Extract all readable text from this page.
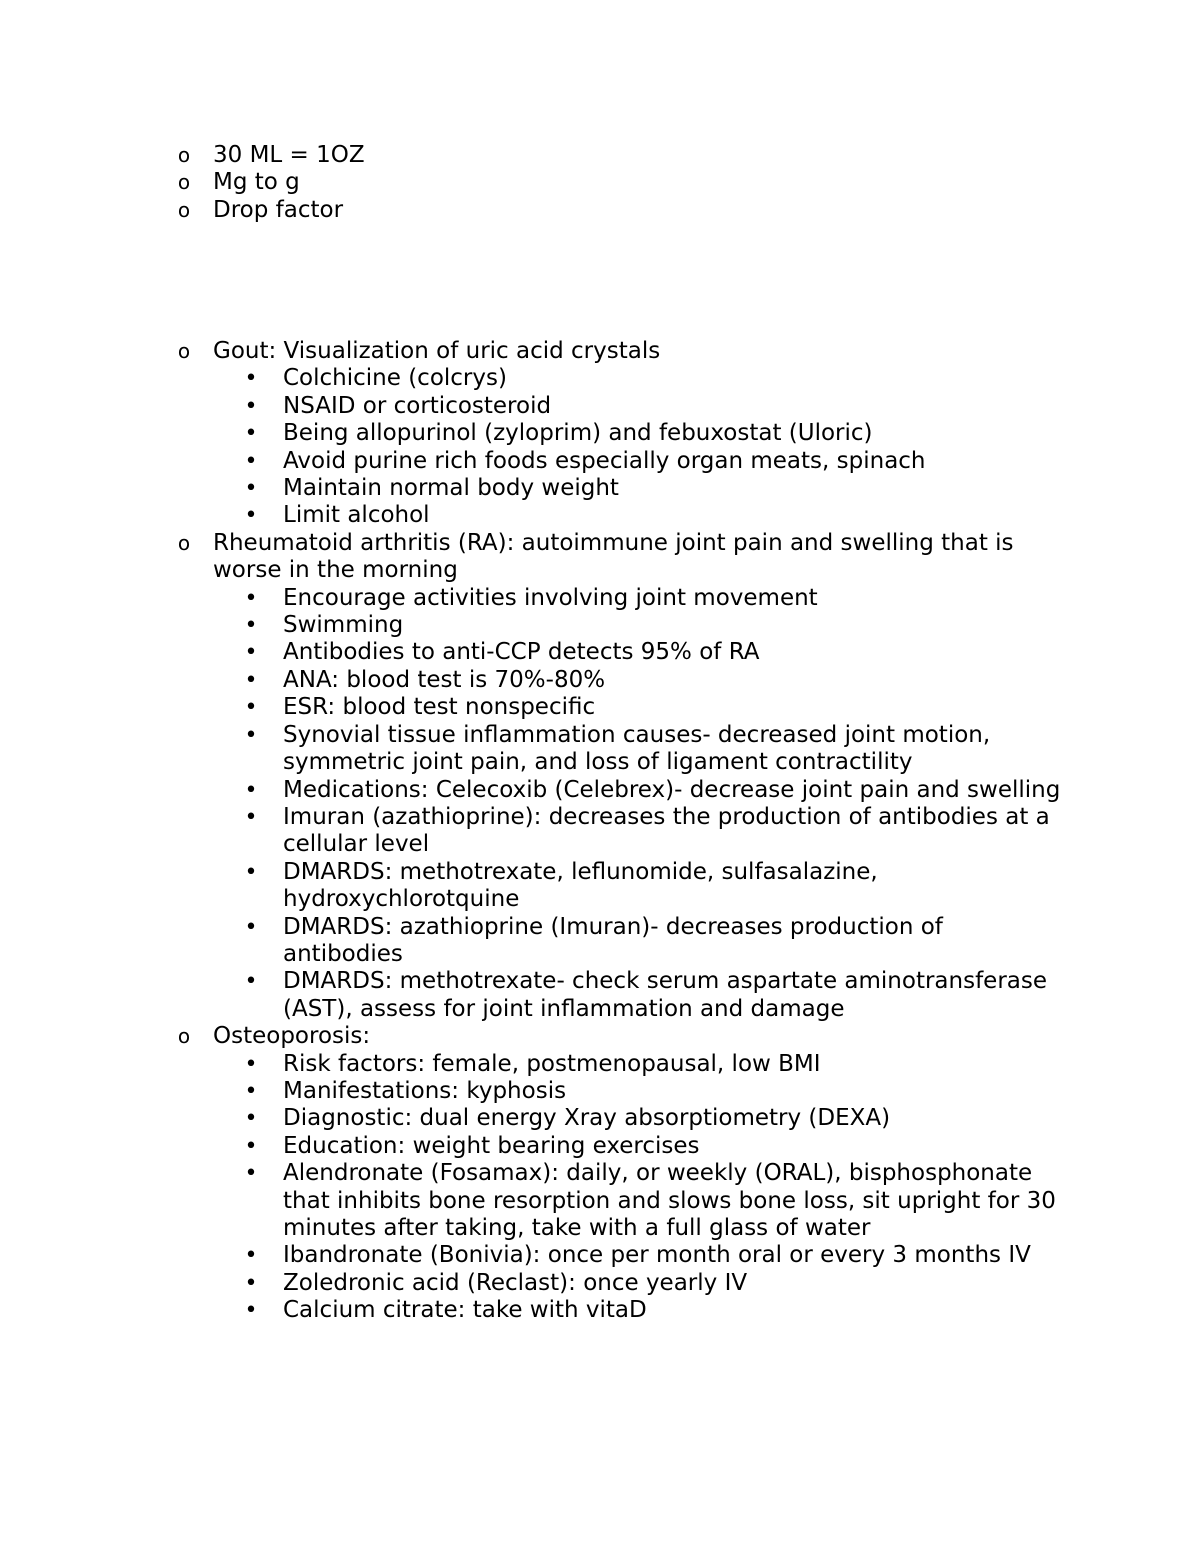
o 30 ML = 1OZ
o Mg to g
o Drop factor
o Gout: Visualization of uric acid crystals
• Colchicine (colcrys)
• NSAID or corticosteroid
• Being allopurinol (zyloprim) and febuxostat (Uloric)
• Avoid purine rich foods especially organ meats, spinach
• Maintain normal body weight
• Limit alcohol
o Rheumatoid arthritis (RA): autoimmune joint pain and swelling that is worse in the morning
• Encourage activities involving joint movement
• Swimming
• Antibodies to anti-CCP detects 95% of RA
• ANA: blood test is 70%-80%
• ESR: blood test nonspecific
• Synovial tissue inflammation causes- decreased joint motion, symmetric joint pain, and loss of ligament contractility
• Medications: Celecoxib (Celebrex)- decrease joint pain and swelling
• Imuran (azathioprine): decreases the production of antibodies at a cellular level
• DMARDS: methotrexate, leflunomide, sulfasalazine, hydroxychlorotquine
• DMARDS: azathioprine (Imuran)- decreases production of antibodies
• DMARDS: methotrexate- check serum aspartate aminotransferase (AST), assess for joint inflammation and damage
o Osteoporosis:
• Risk factors: female, postmenopausal, low BMI
• Manifestations: kyphosis
• Diagnostic: dual energy Xray absorptiometry (DEXA)
• Education: weight bearing exercises
• Alendronate (Fosamax): daily, or weekly (ORAL), bisphosphonate that inhibits bone resorption and slows bone loss, sit upright for 30 minutes after taking, take with a full glass of water
• Ibandronate (Bonivia): once per month oral or every 3 months IV
• Zoledronic acid (Reclast): once yearly IV
• Calcium citrate: take with vitaD
